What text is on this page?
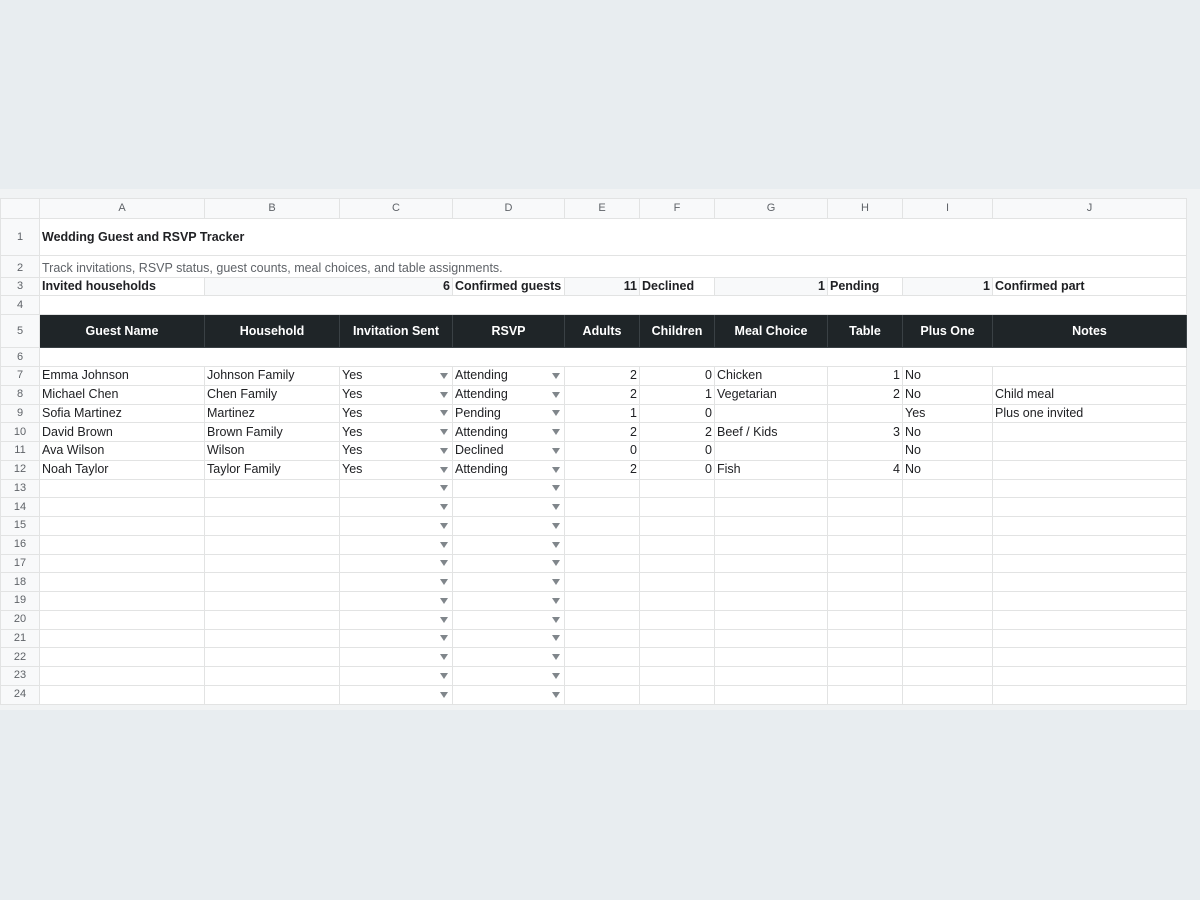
	A	B	C	D	E	F	G	H	I	J	
1	Wedding Guest and RSVP Tracker										
2	Track invitations, RSVP status, guest counts, meal choices, and table assignments.										
3	Invited households	6		Confirmed guests	11	Declined	1	Pending	1	Confirmed part	
4											
5	Guest Name	Household	Invitation Sent	RSVP	Adults	Children	Meal Choice	Table	Plus One	Notes	
6											
7	Emma Johnson	Johnson Family	Yes	Attending	2	0	Chicken	1	No		
8	Michael Chen	Chen Family	Yes	Attending	2	1	Vegetarian	2	No	Child meal	
9	Sofia Martinez	Martinez	Yes	Pending	1	0			Yes	Plus one invited	
10	David Brown	Brown Family	Yes	Attending	2	2	Beef / Kids	3	No		
11	Ava Wilson	Wilson	Yes	Declined	0	0			No		
12	Noah Taylor	Taylor Family	Yes	Attending	2	0	Fish	4	No		
13				

14				

15				

16				

17				

18				

19				

20				

21				

22				

23				

24				
